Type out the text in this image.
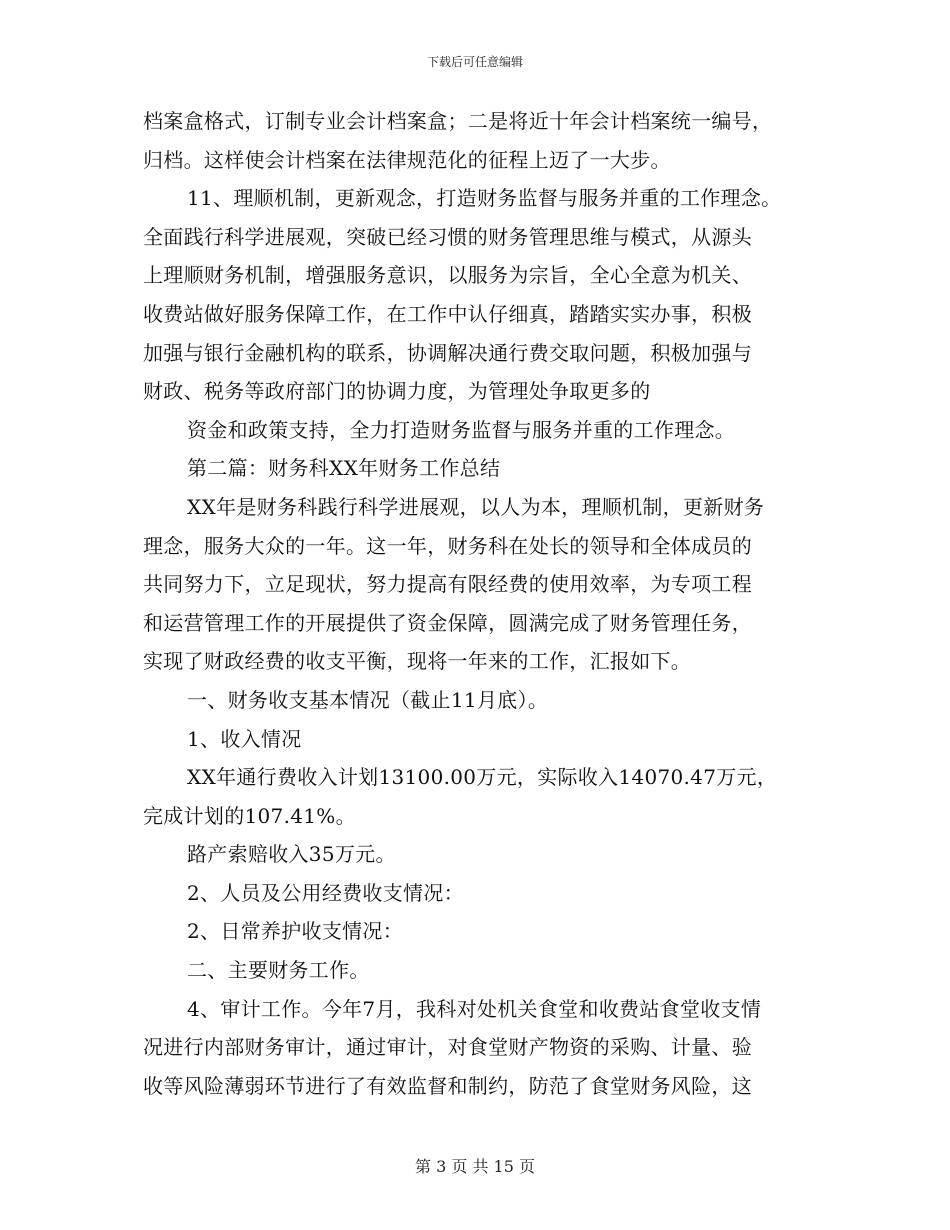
下载后可任意编辑
档案盒格式，订制专业会计档案盒；二是将近十年会计档案统一编号，
归档。这样使会计档案在法律规范化的征程上迈了一大步。
11、理顺机制，更新观念，打造财务监督与服务并重的工作理念。
全面践行科学进展观，突破已经习惯的财务管理思维与模式，从源头
上理顺财务机制，增强服务意识，以服务为宗旨，全心全意为机关、
收费站做好服务保障工作，在工作中认仔细真，踏踏实实办事，积极
加强与银行金融机构的联系，协调解决通行费交取问题，积极加强与
财政、税务等政府部门的协调力度，为管理处争取更多的
资金和政策支持，全力打造财务监督与服务并重的工作理念。
第二篇：财务科XX年财务工作总结
XX年是财务科践行科学进展观，以人为本，理顺机制，更新财务
理念，服务大众的一年。这一年，财务科在处长的领导和全体成员的
共同努力下，立足现状，努力提高有限经费的使用效率，为专项工程
和运营管理工作的开展提供了资金保障，圆满完成了财务管理任务，
实现了财政经费的收支平衡，现将一年来的工作，汇报如下。
一、财务收支基本情况（截止11月底）。
1、收入情况
XX年通行费收入计划13100.00万元，实际收入14070.47万元，
完成计划的107.41%。
路产索赔收入35万元。
2、人员及公用经费收支情况：
2、日常养护收支情况：
二、主要财务工作。
4、审计工作。今年7月，我科对处机关食堂和收费站食堂收支情
况进行内部财务审计，通过审计，对食堂财产物资的采购、计量、验
收等风险薄弱环节进行了有效监督和制约，防范了食堂财务风险，这
第 3 页 共 15 页
